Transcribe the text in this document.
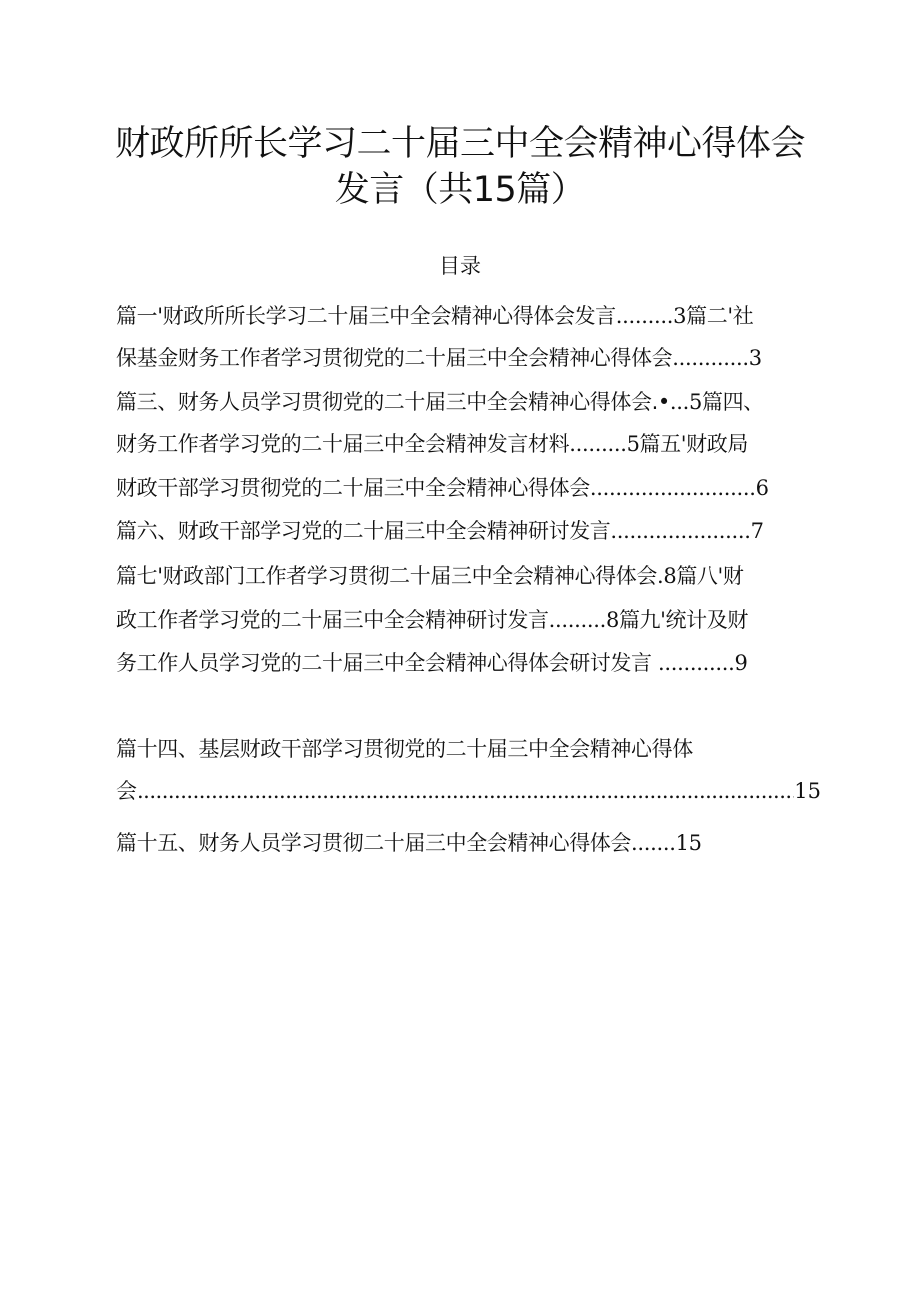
财政所所长学习二十届三中全会精神心得体会
发言（共15篇）
目录
篇一'财政所所长学习二十届三中全会精神心得体会发言.........3篇二'社
保基金财务工作者学习贯彻党的二十届三中全会精神心得体会............3
篇三、财务人员学习贯彻党的二十届三中全会精神心得体会.•...5篇四、
财务工作者学习党的二十届三中全会精神发言材料.........5篇五'财政局
财政干部学习贯彻党的二十届三中全会精神心得体会..........................6
篇六、财政干部学习党的二十届三中全会精神研讨发言......................7
篇七'财政部门工作者学习贯彻二十届三中全会精神心得体会.8篇八'财
政工作者学习党的二十届三中全会精神研讨发言.........8篇九'统计及财
务工作人员学习党的二十届三中全会精神心得体会研讨发言 ............9
篇十四、基层财政干部学习贯彻党的二十届三中全会精神心得体
会 .....	15
篇十五、财务人员学习贯彻二十届三中全会精神心得体会.......15
